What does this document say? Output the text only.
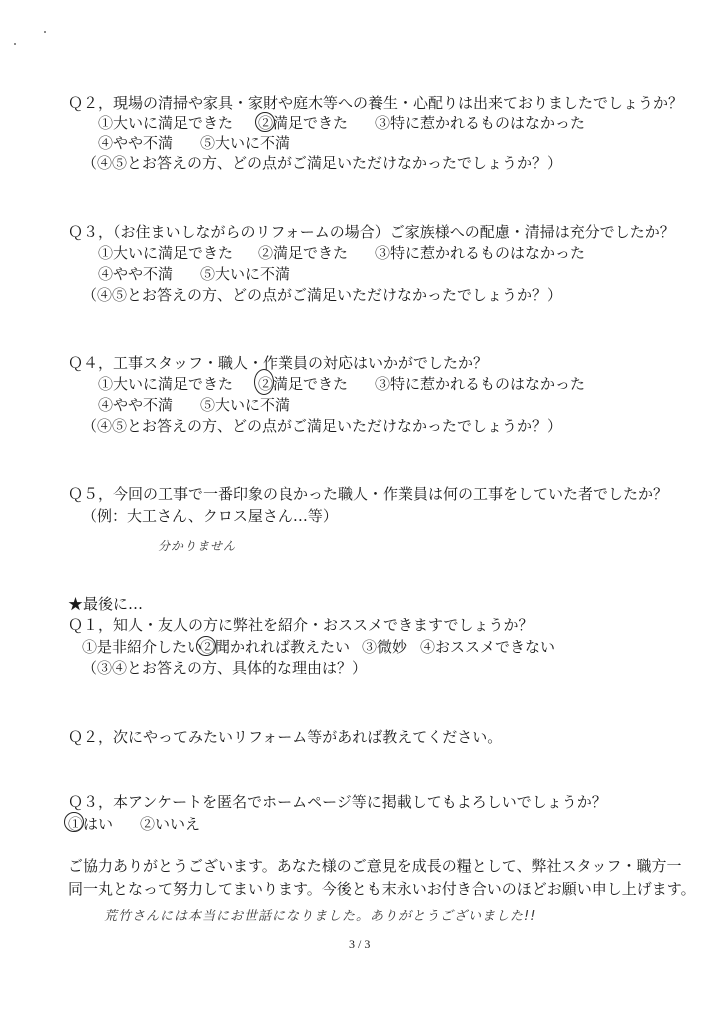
Ｑ２，現場の清掃や家具・家財や庭木等への養生・心配りは出来ておりましたでしょうか？
①大いに満足できた ②満足できた ③特に惹かれるものはなかった
④やや不満 ⑤大いに不満
（④⑤とお答えの方、どの点がご満足いただけなかったでしょうか？）
Ｑ３，（お住まいしながらのリフォームの場合）ご家族様への配慮・清掃は充分でしたか？
①大いに満足できた ②満足できた ③特に惹かれるものはなかった
④やや不満 ⑤大いに不満
（④⑤とお答えの方、どの点がご満足いただけなかったでしょうか？）
Ｑ４，工事スタッフ・職人・作業員の対応はいかがでしたか？
①大いに満足できた ②満足できた ③特に惹かれるものはなかった
④やや不満 ⑤大いに不満
（④⑤とお答えの方、どの点がご満足いただけなかったでしょうか？）
Ｑ５，今回の工事で一番印象の良かった職人・作業員は何の工事をしていた者でしたか？
（例：大工さん、クロス屋さん…等）
分かりません
★最後に…
Ｑ１，知人・友人の方に弊社を紹介・おススメできますでしょうか？
①是非紹介したい
②聞かれれば教えたい ③微妙 ④おススメできない
（③④とお答えの方、具体的な理由は？）
Ｑ２，次にやってみたいリフォーム等があれば教えてください。
Ｑ３，本アンケートを匿名でホームページ等に掲載してもよろしいでしょうか？
①はい ②いいえ
ご協力ありがとうございます。あなた様のご意見を成長の糧として、弊社スタッフ・職方一
同一丸となって努力してまいります。今後とも末永いお付き合いのほどお願い申し上げます。
荒竹さんには本当にお世話になりました。ありがとうございました!!
3 / 3
